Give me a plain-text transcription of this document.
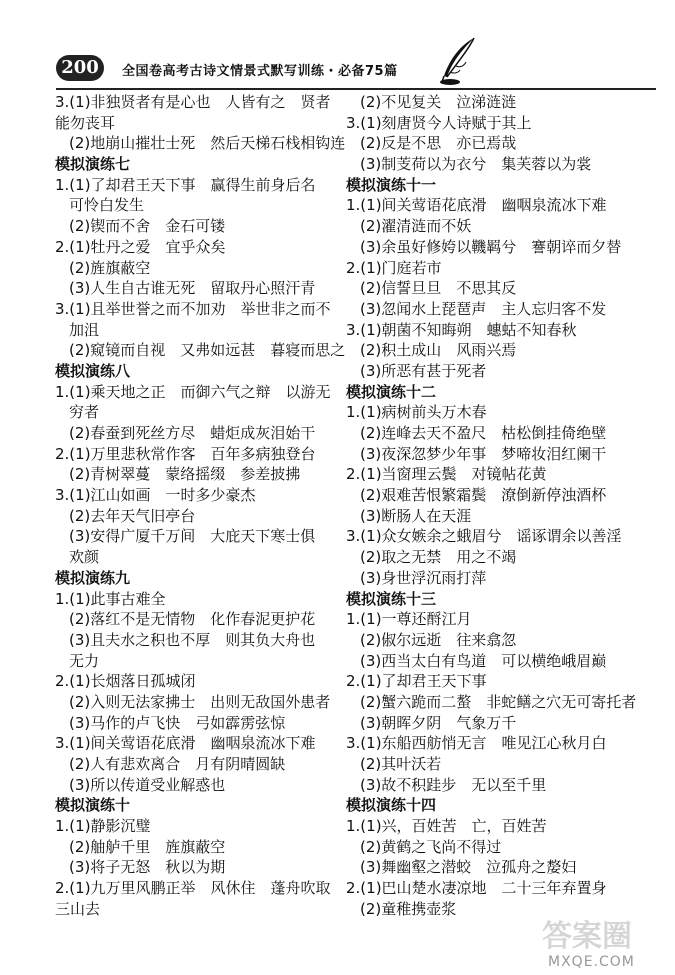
200	全国卷高考古诗文情景式默写训练・必备75篇
3.(1)非独贤者有是心也　人皆有之　贤者
能勿丧耳
(2)地崩山摧壮士死　然后天梯石栈相钩连
模拟演练七
1.(1)了却君王天下事　赢得生前身后名
可怜白发生
(2)锲而不舍　金石可镂
2.(1)牡丹之爱　宜乎众矣
(2)旌旗蔽空
(3)人生自古谁无死　留取丹心照汗青
3.(1)且举世誉之而不加劝　举世非之而不
加沮
(2)窥镜而自视　又弗如远甚　暮寝而思之
模拟演练八
1.(1)乘天地之正　而御六气之辩　以游无
穷者
(2)春蚕到死丝方尽　蜡炬成灰泪始干
2.(1)万里悲秋常作客　百年多病独登台
(2)青树翠蔓　蒙络摇缀　参差披拂
3.(1)江山如画　一时多少豪杰
(2)去年天气旧亭台
(3)安得广厦千万间　大庇天下寒士俱
欢颜
模拟演练九
1.(1)此事古难全
(2)落红不是无情物　化作春泥更护花
(3)且夫水之积也不厚　则其负大舟也
无力
2.(1)长烟落日孤城闭
(2)入则无法家拂士　出则无敌国外患者
(3)马作的卢飞快　弓如霹雳弦惊
3.(1)间关莺语花底滑　幽咽泉流冰下难
(2)人有悲欢离合　月有阴晴圆缺
(3)所以传道受业解惑也
模拟演练十
1.(1)静影沉璧
(2)舳舻千里　旌旗蔽空
(3)将子无怒　秋以为期
2.(1)九万里风鹏正举　风休住　蓬舟吹取
三山去
(2)不见复关　泣涕涟涟
3.(1)刻唐贤今人诗赋于其上
(2)反是不思　亦已焉哉
(3)制芰荷以为衣兮　集芙蓉以为裳
模拟演练十一
1.(1)间关莺语花底滑　幽咽泉流冰下难
(2)濯清涟而不妖
(3)余虽好修姱以鞿羁兮　謇朝谇而夕替
2.(1)门庭若市
(2)信誓旦旦　不思其反
(3)忽闻水上琵琶声　主人忘归客不发
3.(1)朝菌不知晦朔　蟪蛄不知春秋
(2)积土成山　风雨兴焉
(3)所恶有甚于死者
模拟演练十二
1.(1)病树前头万木春
(2)连峰去天不盈尺　枯松倒挂倚绝壁
(3)夜深忽梦少年事　梦啼妆泪红阑干
2.(1)当窗理云鬓　对镜帖花黄
(2)艰难苦恨繁霜鬓　潦倒新停浊酒杯
(3)断肠人在天涯
3.(1)众女嫉余之蛾眉兮　谣诼谓余以善淫
(2)取之无禁　用之不竭
(3)身世浮沉雨打萍
模拟演练十三
1.(1)一尊还酹江月
(2)俶尔远逝　往来翕忽
(3)西当太白有鸟道　可以横绝峨眉巅
2.(1)了却君王天下事
(2)蟹六跪而二螯　非蛇鳝之穴无可寄托者
(3)朝晖夕阴　气象万千
3.(1)东船西舫悄无言　唯见江心秋月白
(2)其叶沃若
(3)故不积跬步　无以至千里
模拟演练十四
1.(1)兴，百姓苦　亡，百姓苦
(2)黄鹤之飞尚不得过
(3)舞幽壑之潜蛟　泣孤舟之嫠妇
2.(1)巴山楚水凄凉地　二十三年弃置身
(2)童稚携壶浆
答案圈
MXQE.COM
